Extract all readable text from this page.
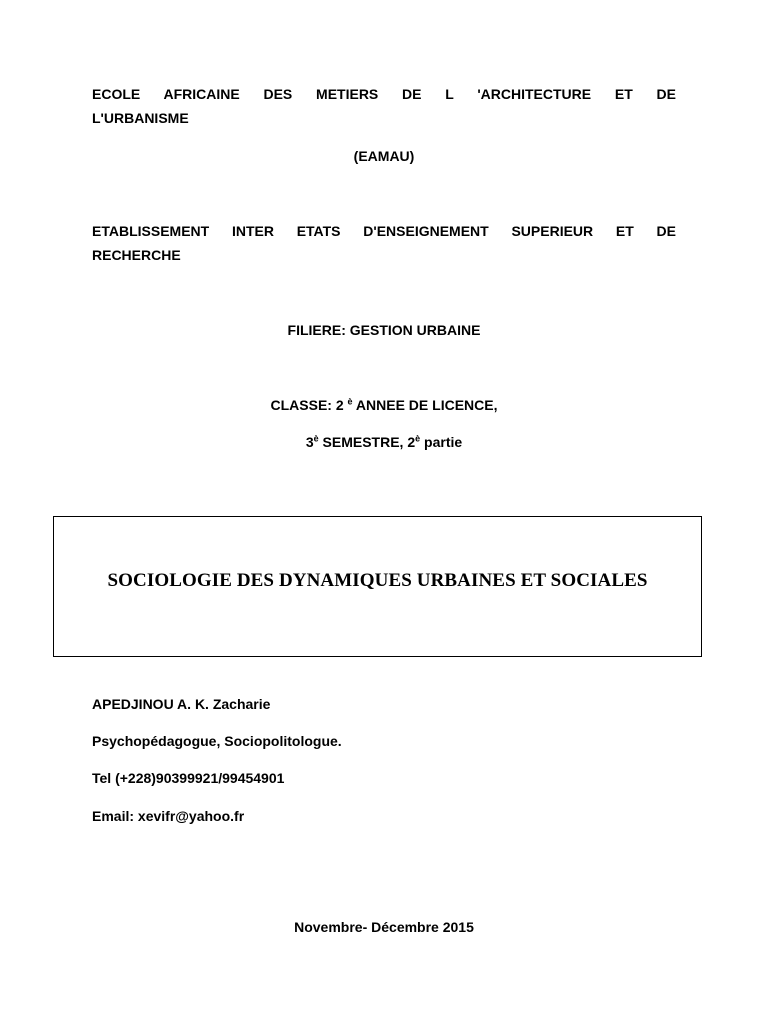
ECOLE AFRICAINE DES METIERS DE L 'ARCHITECTURE ET DE
L'URBANISME
(EAMAU)
ETABLISSEMENT INTER ETATS D'ENSEIGNEMENT SUPERIEUR ET DE
RECHERCHE
FILIERE: GESTION URBAINE
CLASSE: 2 $^è$ ANNEE DE LICENCE,
$3^è$ SEMESTRE, $2^è$ partie
SOCIOLOGIE DES DYNAMIQUES URBAINES ET SOCIALES
APEDJINOU A. K. Zacharie
Psychopédagogue, Sociopolitologue.
Tel (+228)90399921/99454901
Email: xevifr@yahoo.fr
Novembre- Décembre 2015
